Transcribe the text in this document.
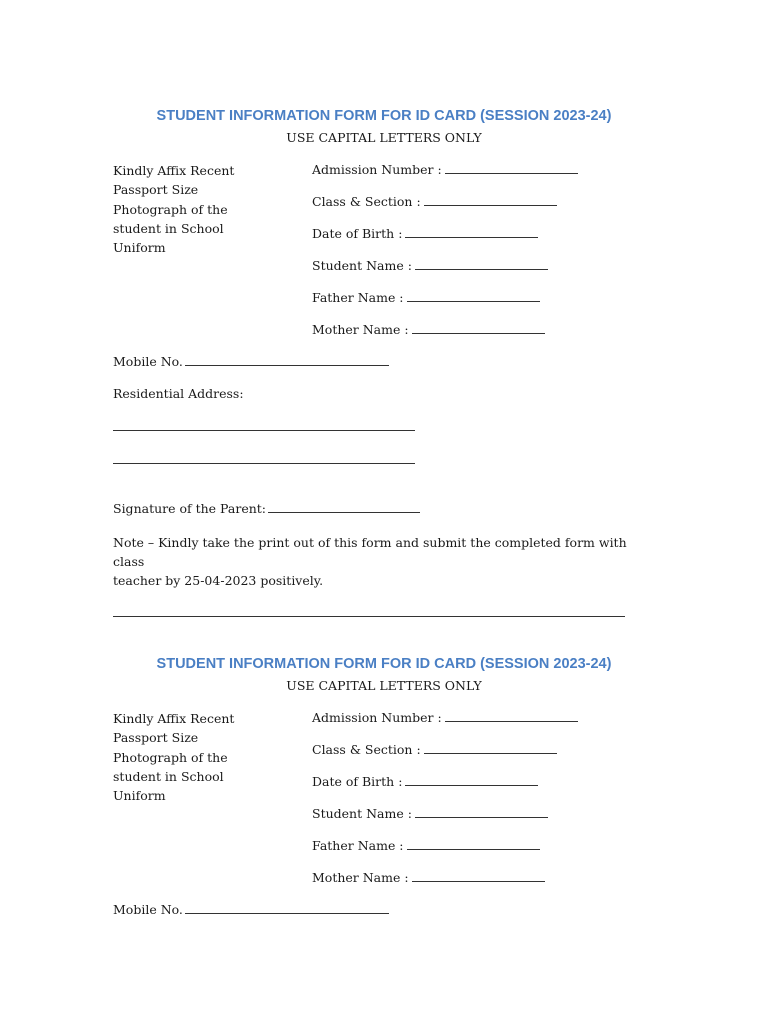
STUDENT INFORMATION FORM FOR ID CARD (SESSION 2023-24)
USE CAPITAL LETTERS ONLY
Kindly Affix Recent
Passport Size
Photograph of the
student in School
Uniform
Admission Number :
Class & Section :
Date of Birth :
Student Name :
Father Name :
Mother Name :
Mobile No.
Residential Address:
Signature of the Parent:
Note – Kindly take the print out of this form and submit the completed form with class
teacher by 25-04-2023 positively.
STUDENT INFORMATION FORM FOR ID CARD (SESSION 2023-24)
USE CAPITAL LETTERS ONLY
Kindly Affix Recent
Passport Size
Photograph of the
student in School
Uniform
Admission Number :
Class & Section :
Date of Birth :
Student Name :
Father Name :
Mother Name :
Mobile No.
